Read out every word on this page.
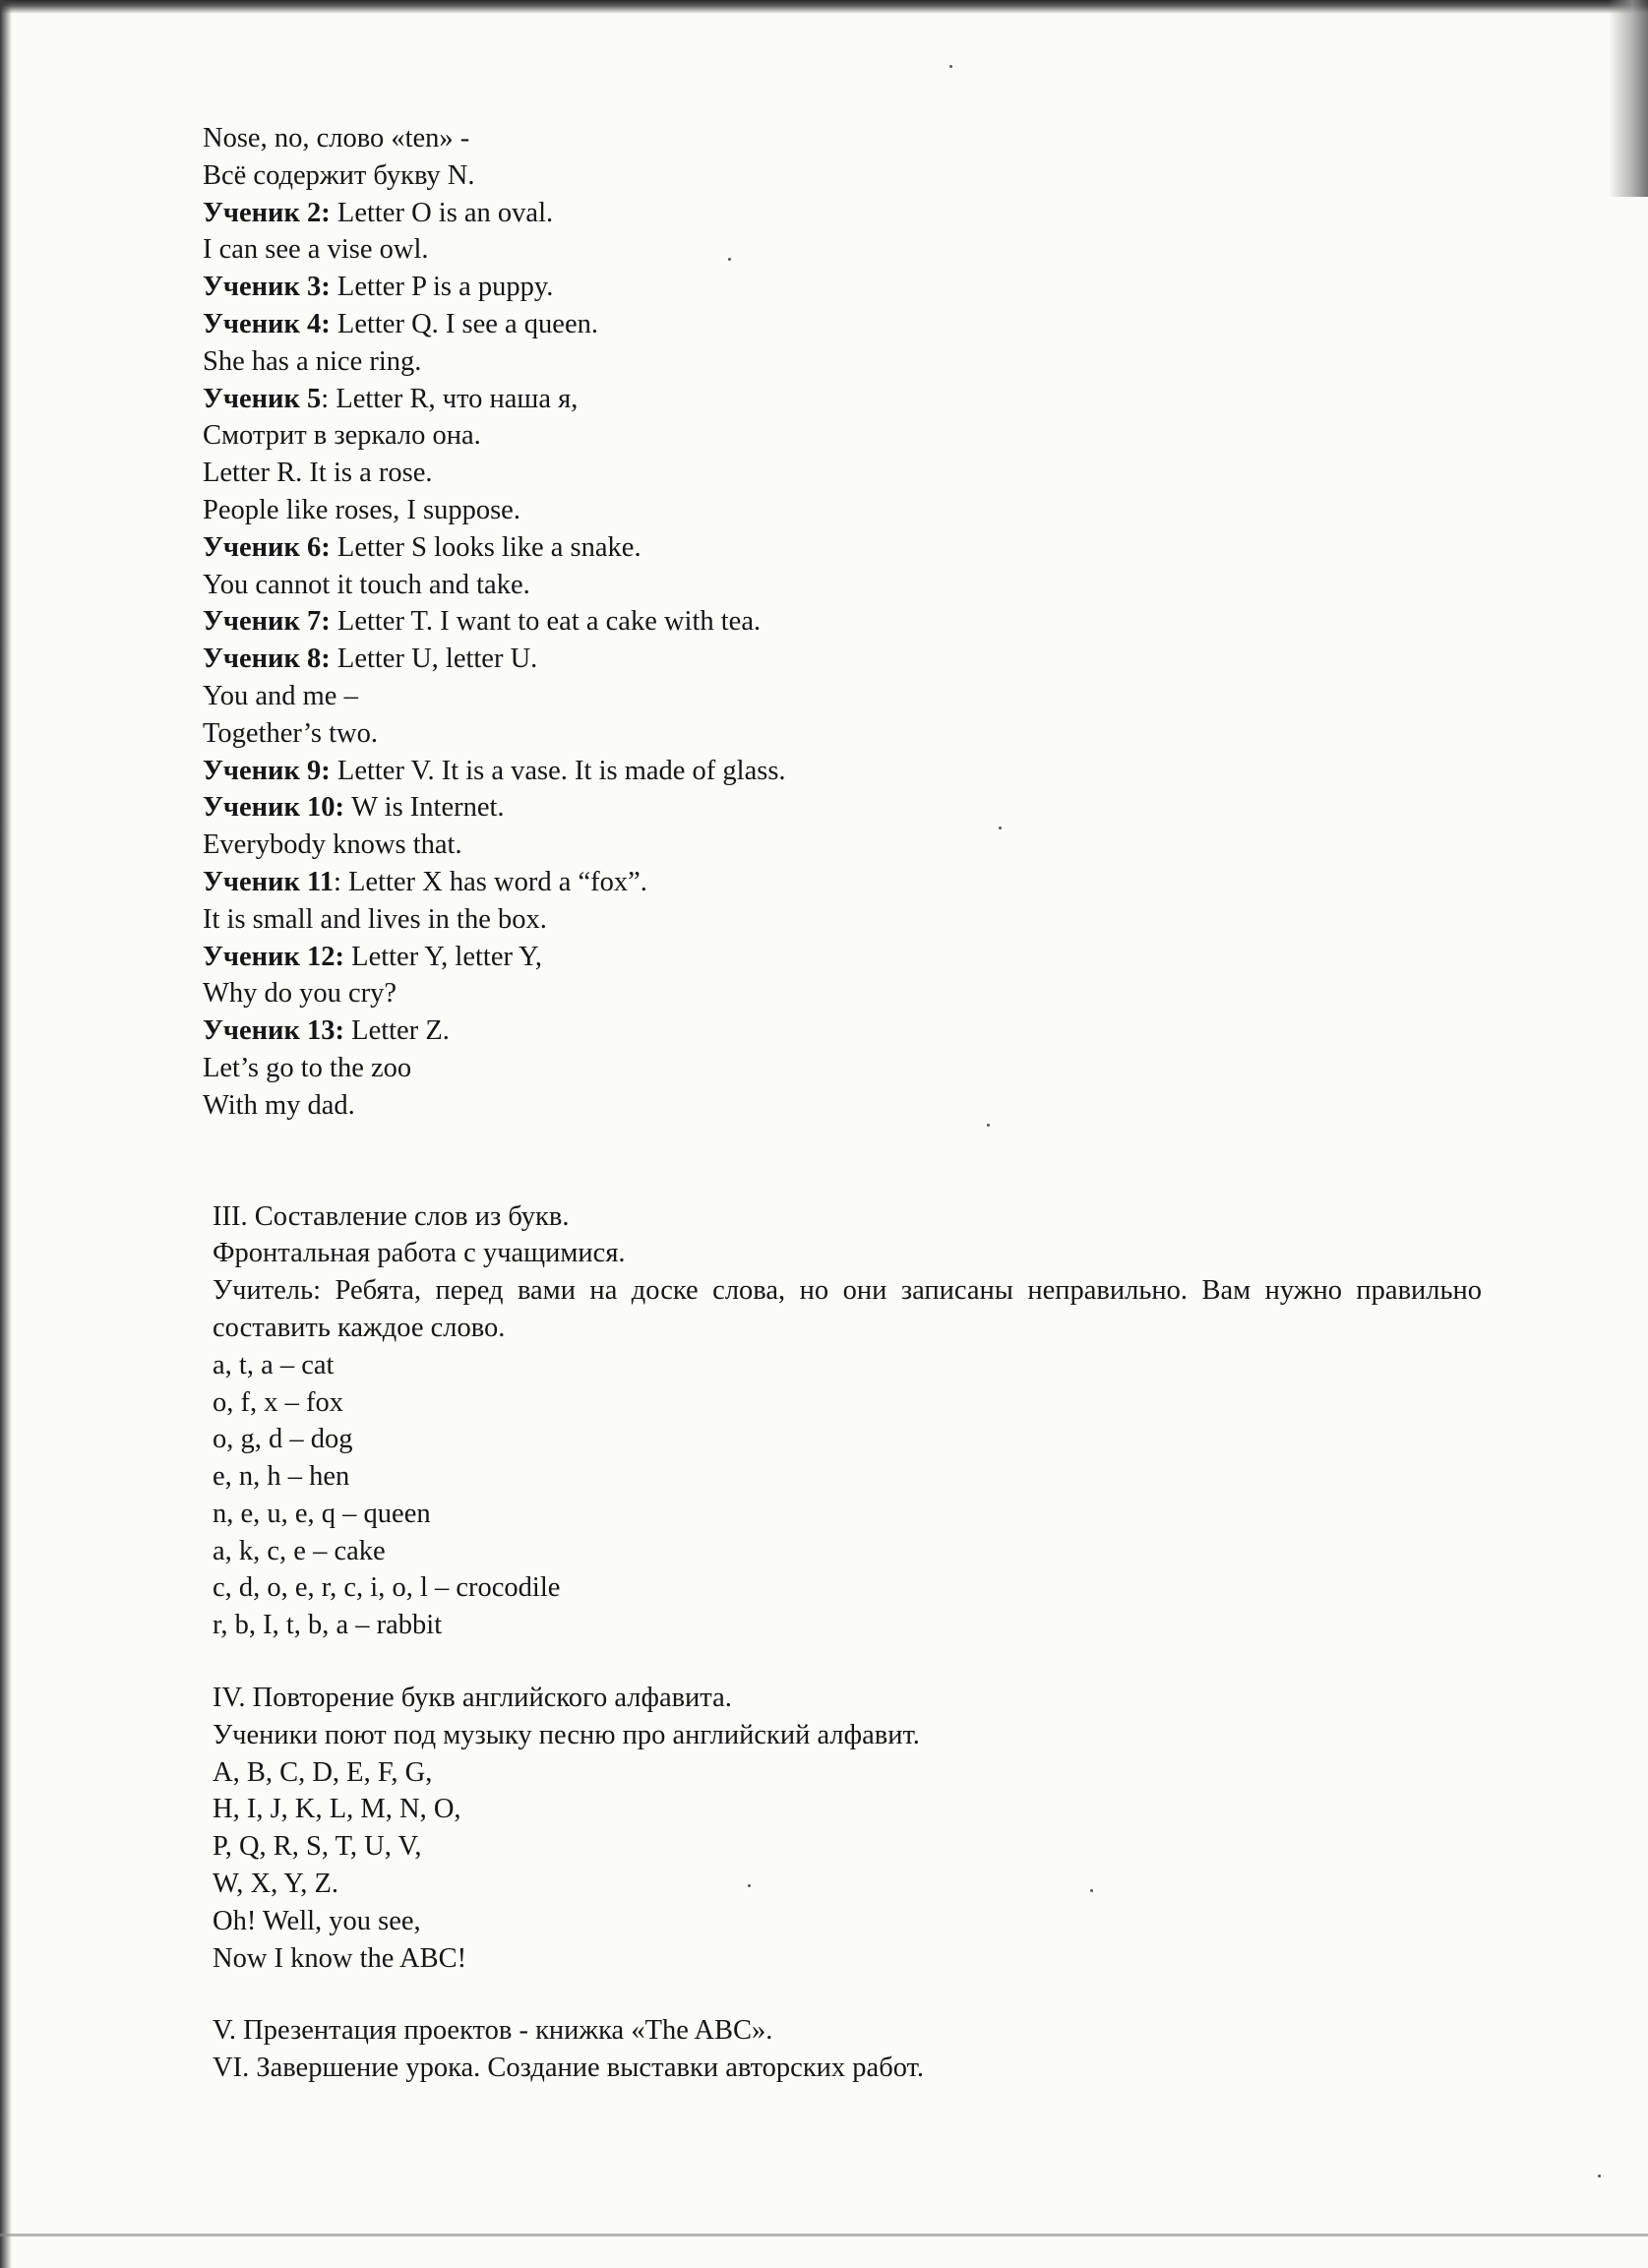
Nose, no, слово «ten» -
Всё содержит букву N.
Ученик 2: Letter O is an oval.
I can see a vise owl.
Ученик 3: Letter P is a puppy.
Ученик 4: Letter Q. I see a queen.
She has a nice ring.
Ученик 5: Letter R, что наша я,
Смотрит в зеркало она.
Letter R. It is a rose.
People like roses, I suppose.
Ученик 6: Letter S looks like a snake.
You cannot it touch and take.
Ученик 7: Letter T. I want to eat a cake with tea.
Ученик 8: Letter U, letter U.
You and me –
Together’s two.
Ученик 9: Letter V. It is a vase. It is made of glass.
Ученик 10: W is Internet.
Everybody knows that.
Ученик 11: Letter X has word a “fox”.
It is small and lives in the box.
Ученик 12: Letter Y, letter Y,
Why do you cry?
Ученик 13: Letter Z.
Let’s go to the zoo
With my dad.
III. Составление слов из букв.
Фронтальная работа с учащимися.
Учитель: Ребята, перед вами на доске слова, но они записаны неправильно. Вам нужно правильно составить каждое слово.
a, t, a – cat
o, f, x – fox
o, g, d – dog
e, n, h – hen
n, e, u, e, q – queen
a, k, c, e – cake
c, d, o, e, r, c, i, o, l – crocodile
r, b, I, t, b, a – rabbit
IV. Повторение букв английского алфавита.
Ученики поют под музыку песню про английский алфавит.
A, B, C, D, E, F, G,
H, I, J, K, L, M, N, O,
P, Q, R, S, T, U, V,
W, X, Y, Z.
Oh! Well, you see,
Now I know the ABC!
V. Презентация проектов - книжка «The ABC».
VI. Завершение урока. Создание выставки авторских работ.
